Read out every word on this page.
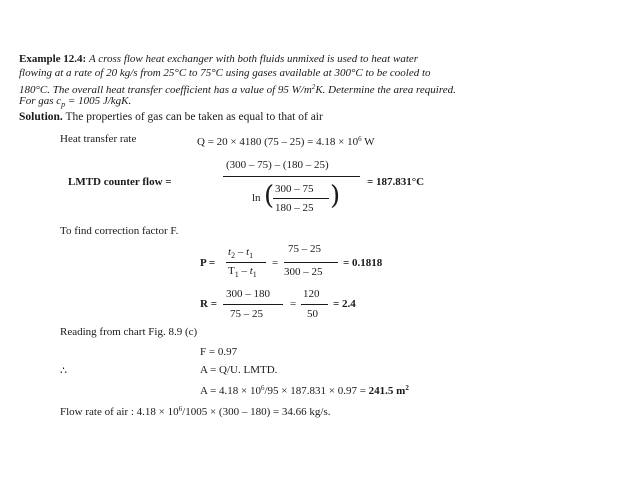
Example 12.4: A cross flow heat exchanger with both fluids unmixed is used to heat water
flowing at a rate of 20 kg/s from 25°C to 75°C using gases available at 300°C to be cooled to
180°C. The overall heat transfer coefficient has a value of 95 $W/m^2K$. Determine the area required.
For gas $c_p = 1005$ J/kgK.
Solution. The properties of gas can be taken as equal to that of air
Heat transfer rate	Q = 20 × 4180 $(75 - 25) = 4.18 \times 10^6$ W
LMTD counter flow =
(300 – 75) – (180 – 25)
ln ( 300 – 75
180 – 25 ) = 187.831°C
To find correction factor F.
P =
$t_2 - t_1$
$T_1 - t_1$
=
75 – 25
300 – 25
= 0.1818
R =
300 – 180
75 – 25
=
120
50
= 2.4
Reading from chart Fig. 8.9 (c)
F = 0.97
∴	A = Q/U. LMTD.
$A = 4.18 \times 10^6/95 \times 187.831 \times 0.97 = 241.5$ $m^2$
Flow rate of air : $4.18 \times 10^6/1005 \times (300 - 180) = 34.66$ kg/s.
